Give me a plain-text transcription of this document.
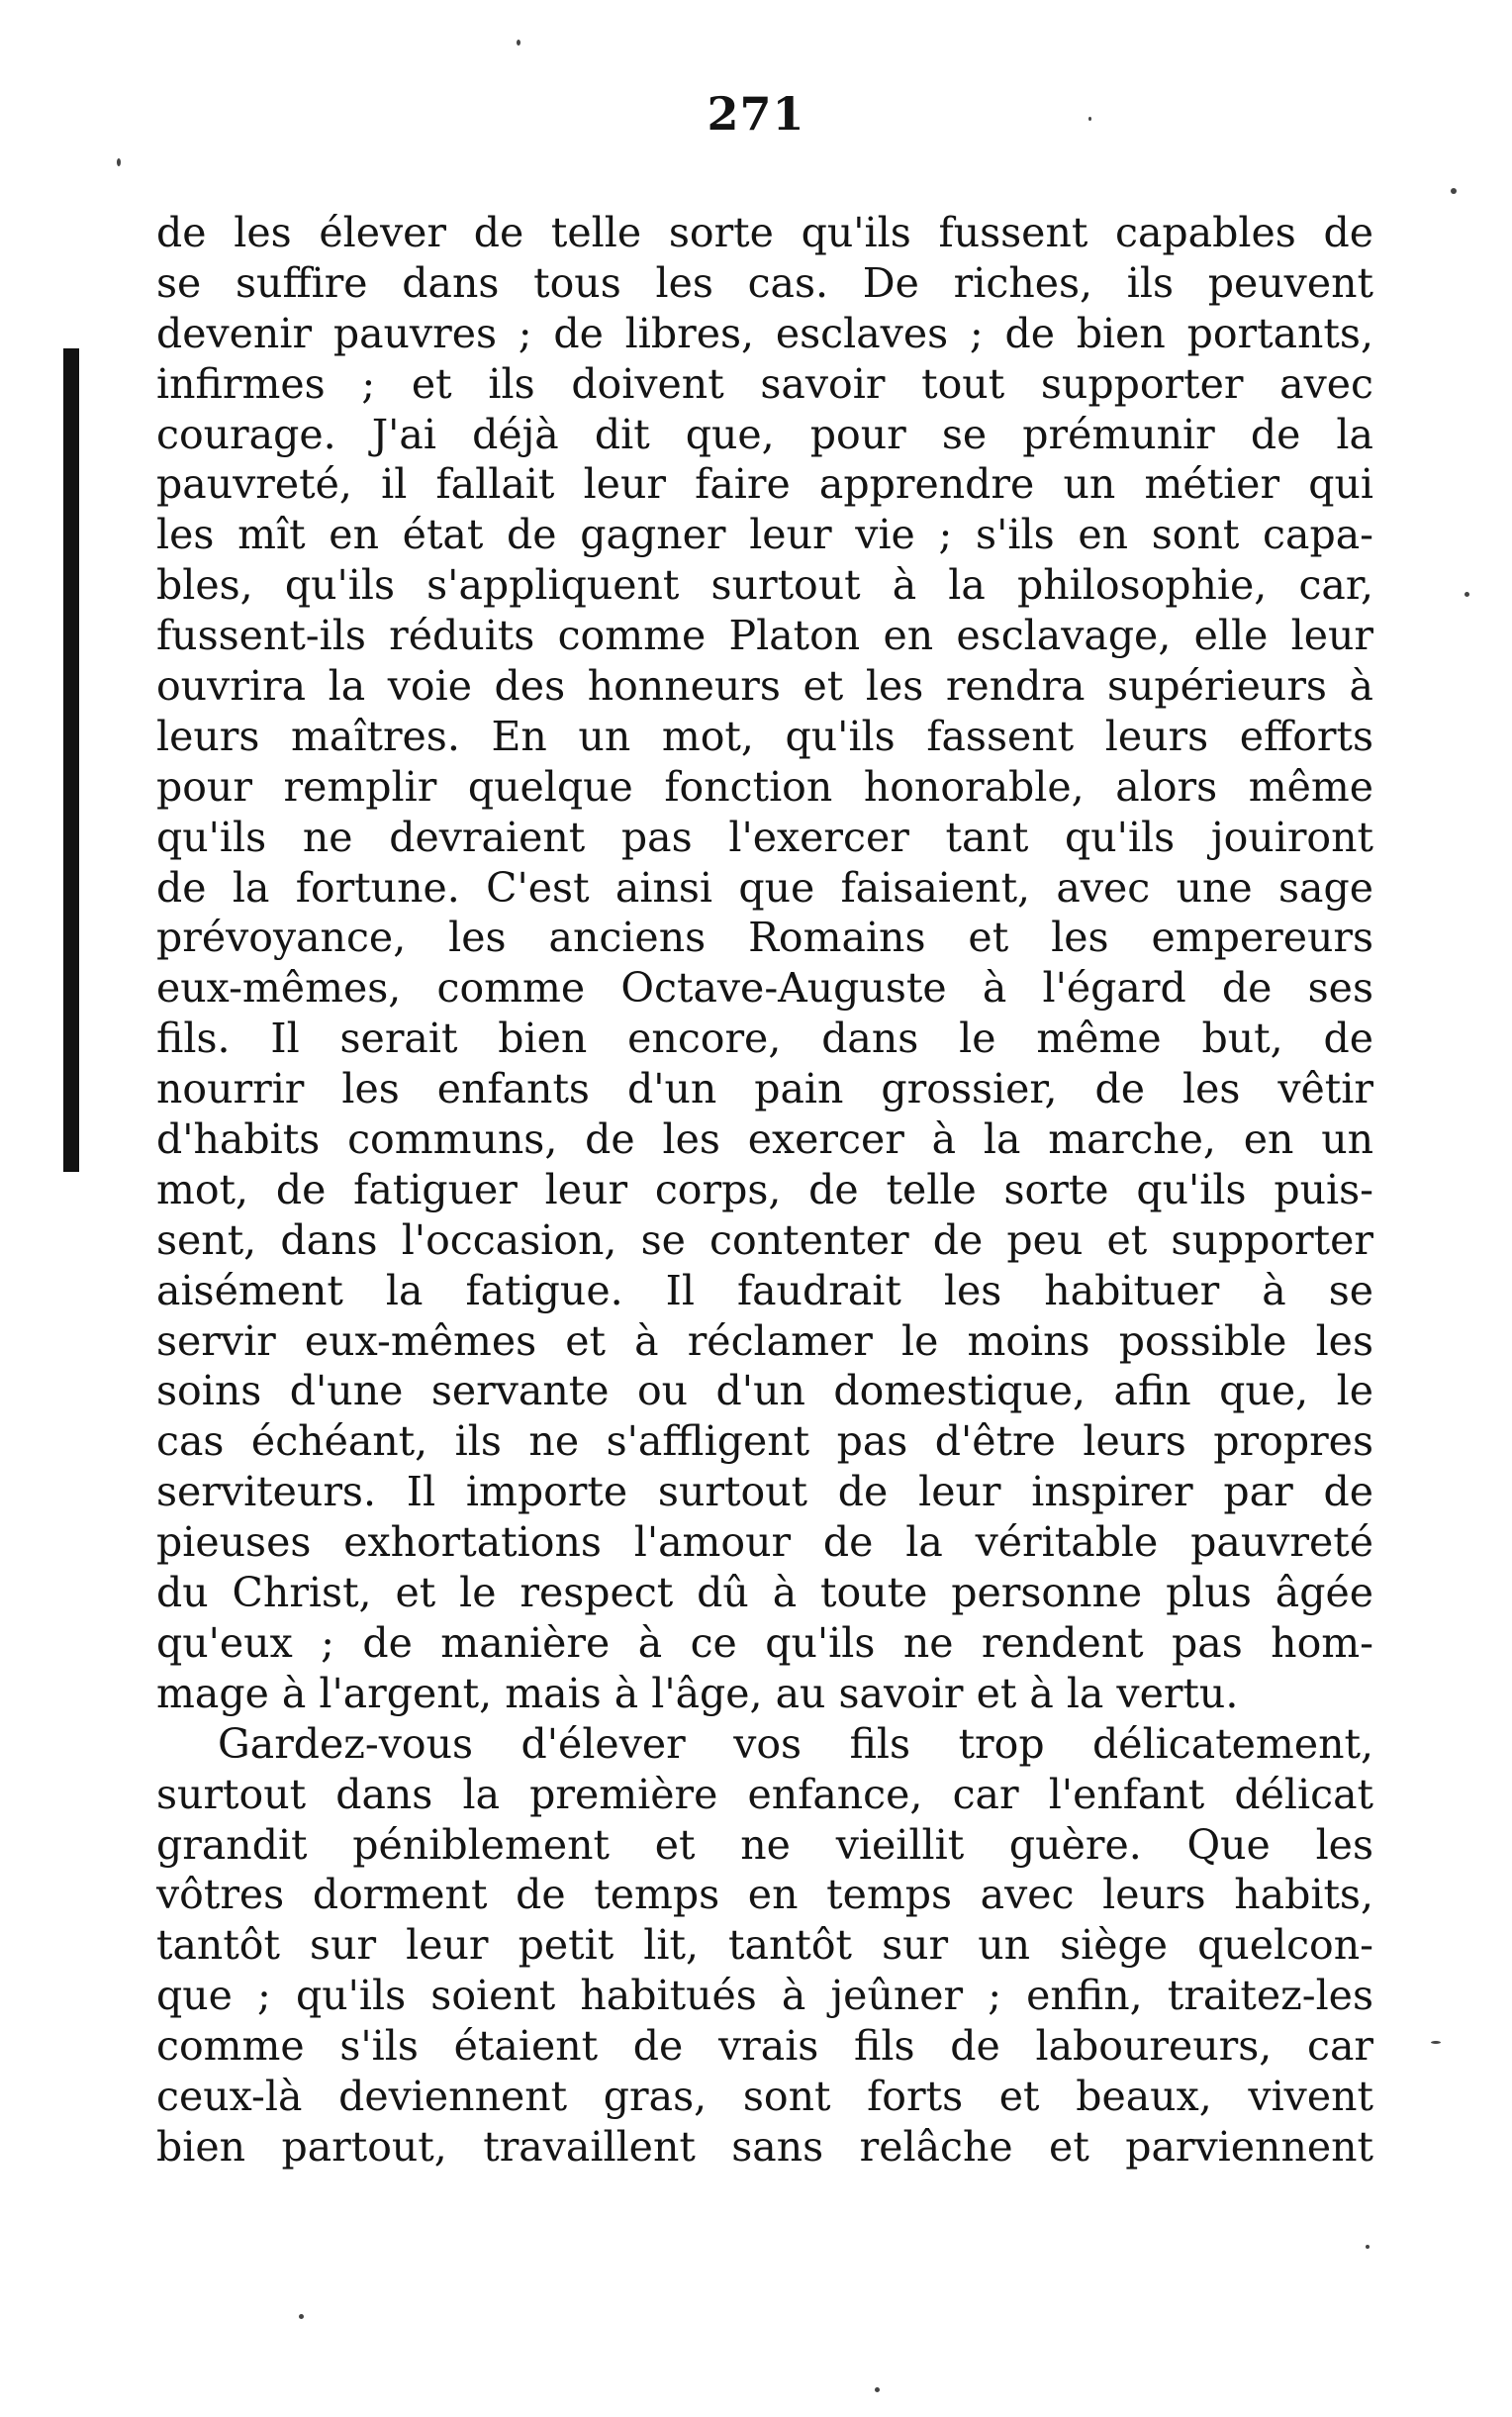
271
de les élever de telle sorte qu'ils fussent capables de
se suffire dans tous les cas. De riches, ils peuvent
devenir pauvres ; de libres, esclaves ; de bien portants,
infirmes ; et ils doivent savoir tout supporter avec
courage. J'ai déjà dit que, pour se prémunir de la
pauvreté, il fallait leur faire apprendre un métier qui
les mît en état de gagner leur vie ; s'ils en sont capa-
bles, qu'ils s'appliquent surtout à la philosophie, car,
fussent-ils réduits comme Platon en esclavage, elle leur
ouvrira la voie des honneurs et les rendra supérieurs à
leurs maîtres. En un mot, qu'ils fassent leurs efforts
pour remplir quelque fonction honorable, alors même
qu'ils ne devraient pas l'exercer tant qu'ils jouiront
de la fortune. C'est ainsi que faisaient, avec une sage
prévoyance, les anciens Romains et les empereurs
eux-mêmes, comme Octave-Auguste à l'égard de ses
fils. Il serait bien encore, dans le même but, de
nourrir les enfants d'un pain grossier, de les vêtir
d'habits communs, de les exercer à la marche, en un
mot, de fatiguer leur corps, de telle sorte qu'ils puis-
sent, dans l'occasion, se contenter de peu et supporter
aisément la fatigue. Il faudrait les habituer à se
servir eux-mêmes et à réclamer le moins possible les
soins d'une servante ou d'un domestique, afin que, le
cas échéant, ils ne s'affligent pas d'être leurs propres
serviteurs. Il importe surtout de leur inspirer par de
pieuses exhortations l'amour de la véritable pauvreté
du Christ, et le respect dû à toute personne plus âgée
qu'eux ; de manière à ce qu'ils ne rendent pas hom-
mage à l'argent, mais à l'âge, au savoir et à la vertu.
Gardez-vous d'élever vos fils trop délicatement,
surtout dans la première enfance, car l'enfant délicat
grandit péniblement et ne vieillit guère. Que les
vôtres dorment de temps en temps avec leurs habits,
tantôt sur leur petit lit, tantôt sur un siège quelcon-
que ; qu'ils soient habitués à jeûner ; enfin, traitez-les
comme s'ils étaient de vrais fils de laboureurs, car
ceux-là deviennent gras, sont forts et beaux, vivent
bien partout, travaillent sans relâche et parviennent
